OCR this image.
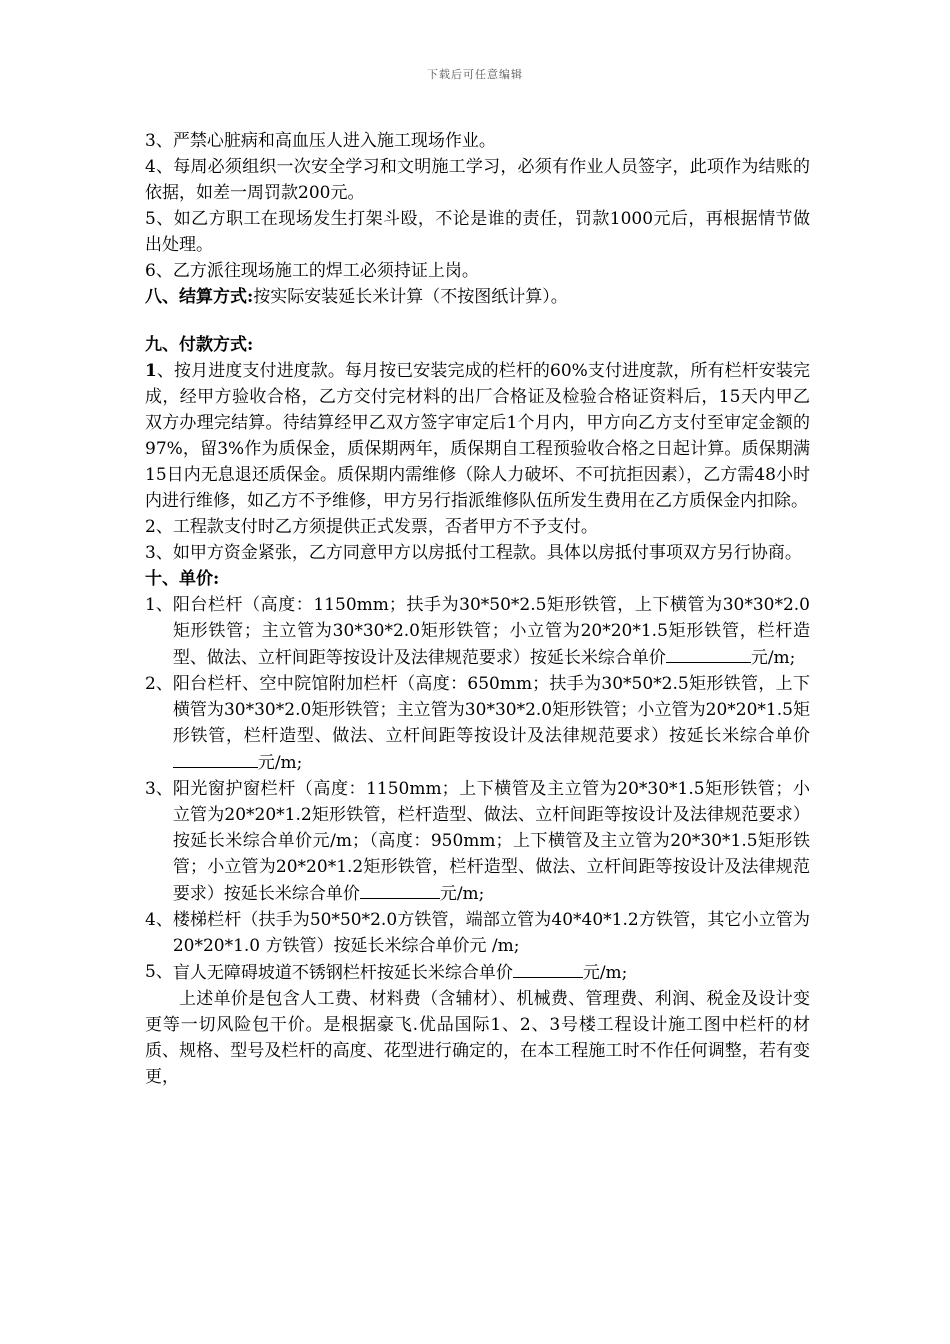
下载后可任意编辑

3、严禁心脏病和高血压人进入施工现场作业。

4、每周必须组织一次安全学习和文明施工学习，必须有作业人员签字，此项作为结账的依据，如差一周罚款200元。

5、如乙方职工在现场发生打架斗殴，不论是谁的责任，罚款1000元后，再根据情节做出处理。

6、乙方派往现场施工的焊工必须持证上岗。

八、结算方式:按实际安装延长米计算（不按图纸计算）。

九、付款方式:

1、按月进度支付进度款。每月按已安装完成的栏杆的60%支付进度款，所有栏杆安装完成，经甲方验收合格，乙方交付完材料的出厂合格证及检验合格证资料后，15天内甲乙双方办理完结算。待结算经甲乙双方签字审定后1个月内，甲方向乙方支付至审定金额的97%，留3%作为质保金，质保期两年，质保期自工程预验收合格之日起计算。质保期满15日内无息退还质保金。质保期内需维修（除人力破坏、不可抗拒因素），乙方需48小时内进行维修，如乙方不予维修，甲方另行指派维修队伍所发生费用在乙方质保金内扣除。

2、工程款支付时乙方须提供正式发票，否者甲方不予支付。

3、如甲方资金紧张，乙方同意甲方以房抵付工程款。具体以房抵付事项双方另行协商。

十、单价:

1、 阳台栏杆（高度：1150mm；扶手为30*50*2.5矩形铁管，上下横管为30*30*2.0矩形铁管；主立管为30*30*2.0矩形铁管；小立管为20*20*1.5矩形铁管，栏杆造型、做法、立杆间距等按设计及法律规范要求）按延长米综合单价	元/m;
2、 阳台栏杆、空中院馆附加栏杆（高度：650mm；扶手为30*50*2.5矩形铁管，上下横管为30*30*2.0矩形铁管；主立管为30*30*2.0矩形铁管；小立管为20*20*1.5矩形铁管，栏杆造型、做法、立杆间距等按设计及法律规范要求）按延长米综合单价元/m;
3、 阳光窗护窗栏杆（高度：1150mm；上下横管及主立管为20*30*1.5矩形铁管；小立管为20*20*1.2矩形铁管，栏杆造型、做法、立杆间距等按设计及法律规范要求）按延长米综合单价元/m；（高度：950mm；上下横管及主立管为20*30*1.5矩形铁管；小立管为20*20*1.2矩形铁管，栏杆造型、做法、立杆间距等按设计及法律规范要求）按延长米综合单价	元/m;
4、 楼梯栏杆（扶手为50*50*2.0方铁管，端部立管为40*40*1.2方铁管，其它小立管为20*20*1.0 方铁管）按延长米综合单价元 /m;
5、 盲人无障碍坡道不锈钢栏杆按延长米综合单价	元/m;

上述单价是包含人工费、材料费（含辅材）、机械费、管理费、利润、税金及设计变更等一切风险包干价。是根据豪飞.优品国际1、2、3号楼工程设计施工图中栏杆的材质、规格、型号及栏杆的高度、花型进行确定的，在本工程施工时不作任何调整，若有变更，
